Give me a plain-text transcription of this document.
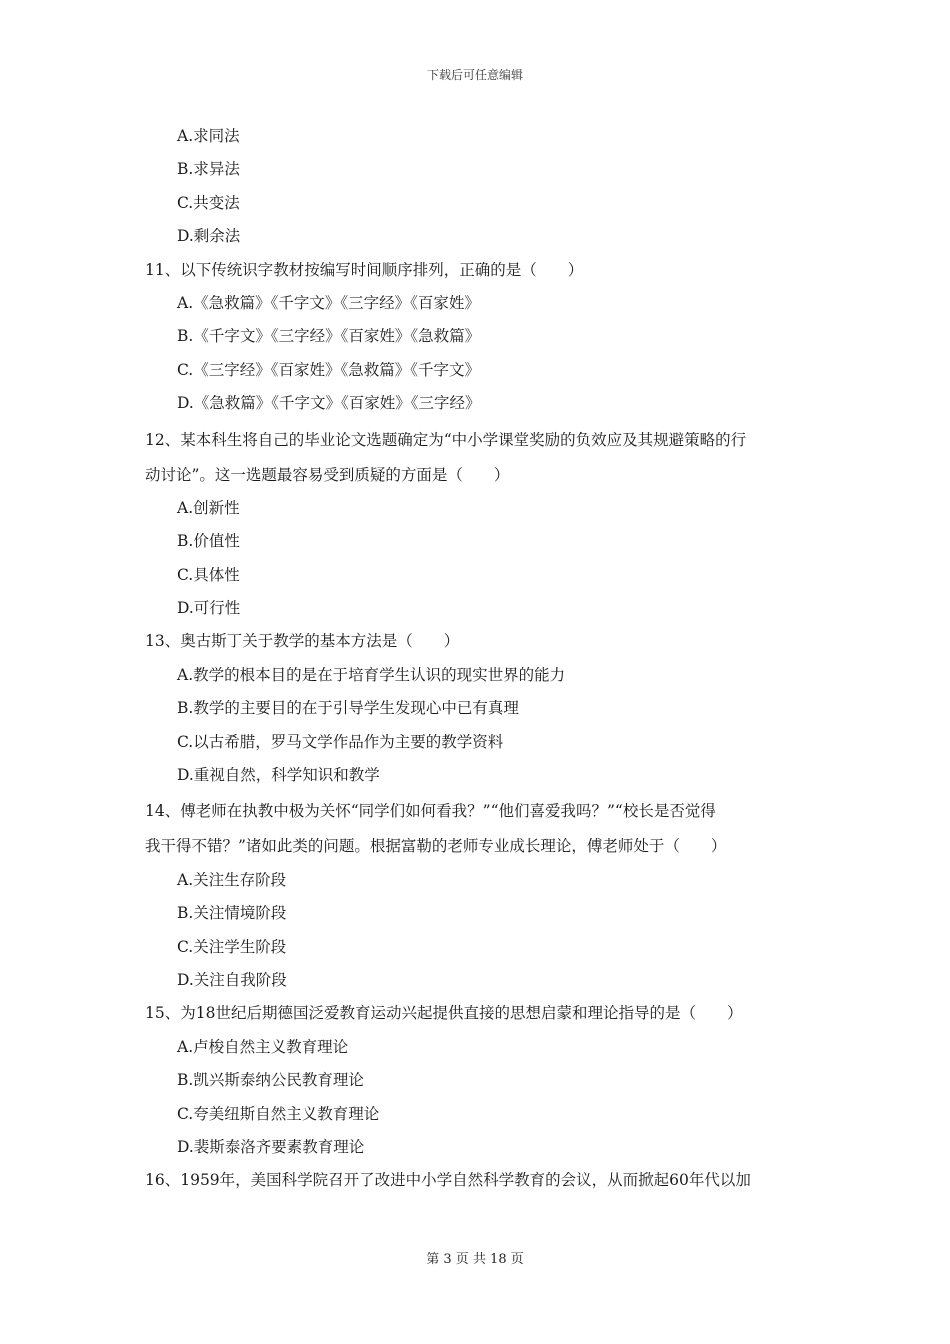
下载后可任意编辑
A.求同法
B.求异法
C.共变法
D.剩余法
11、以下传统识字教材按编写时间顺序排列，正确的是（　　）
A.《急救篇》《千字文》《三字经》《百家姓》
B.《千字文》《三字经》《百家姓》《急救篇》
C.《三字经》《百家姓》《急救篇》《千字文》
D.《急救篇》《千字文》《百家姓》《三字经》
12、某本科生将自己的毕业论文选题确定为“中小学课堂奖励的负效应及其规避策略的行
动讨论”。这一选题最容易受到质疑的方面是（　　）
A.创新性
B.价值性
C.具体性
D.可行性
13、奥古斯丁关于教学的基本方法是（　　）
A.教学的根本目的是在于培育学生认识的现实世界的能力
B.教学的主要目的在于引导学生发现心中已有真理
C.以古希腊，罗马文学作品作为主要的教学资料
D.重视自然，科学知识和教学
14、傅老师在执教中极为关怀“同学们如何看我？”“他们喜爱我吗？”“校长是否觉得
我干得不错？”诸如此类的问题。根据富勒的老师专业成长理论，傅老师处于（　　）
A.关注生存阶段
B.关注情境阶段
C.关注学生阶段
D.关注自我阶段
15、为18世纪后期德国泛爱教育运动兴起提供直接的思想启蒙和理论指导的是（　　）
A.卢梭自然主义教育理论
B.凯兴斯泰纳公民教育理论
C.夸美纽斯自然主义教育理论
D.裴斯泰洛齐要素教育理论
16、1959年，美国科学院召开了改进中小学自然科学教育的会议，从而掀起60年代以加
第 3 页 共 18 页
